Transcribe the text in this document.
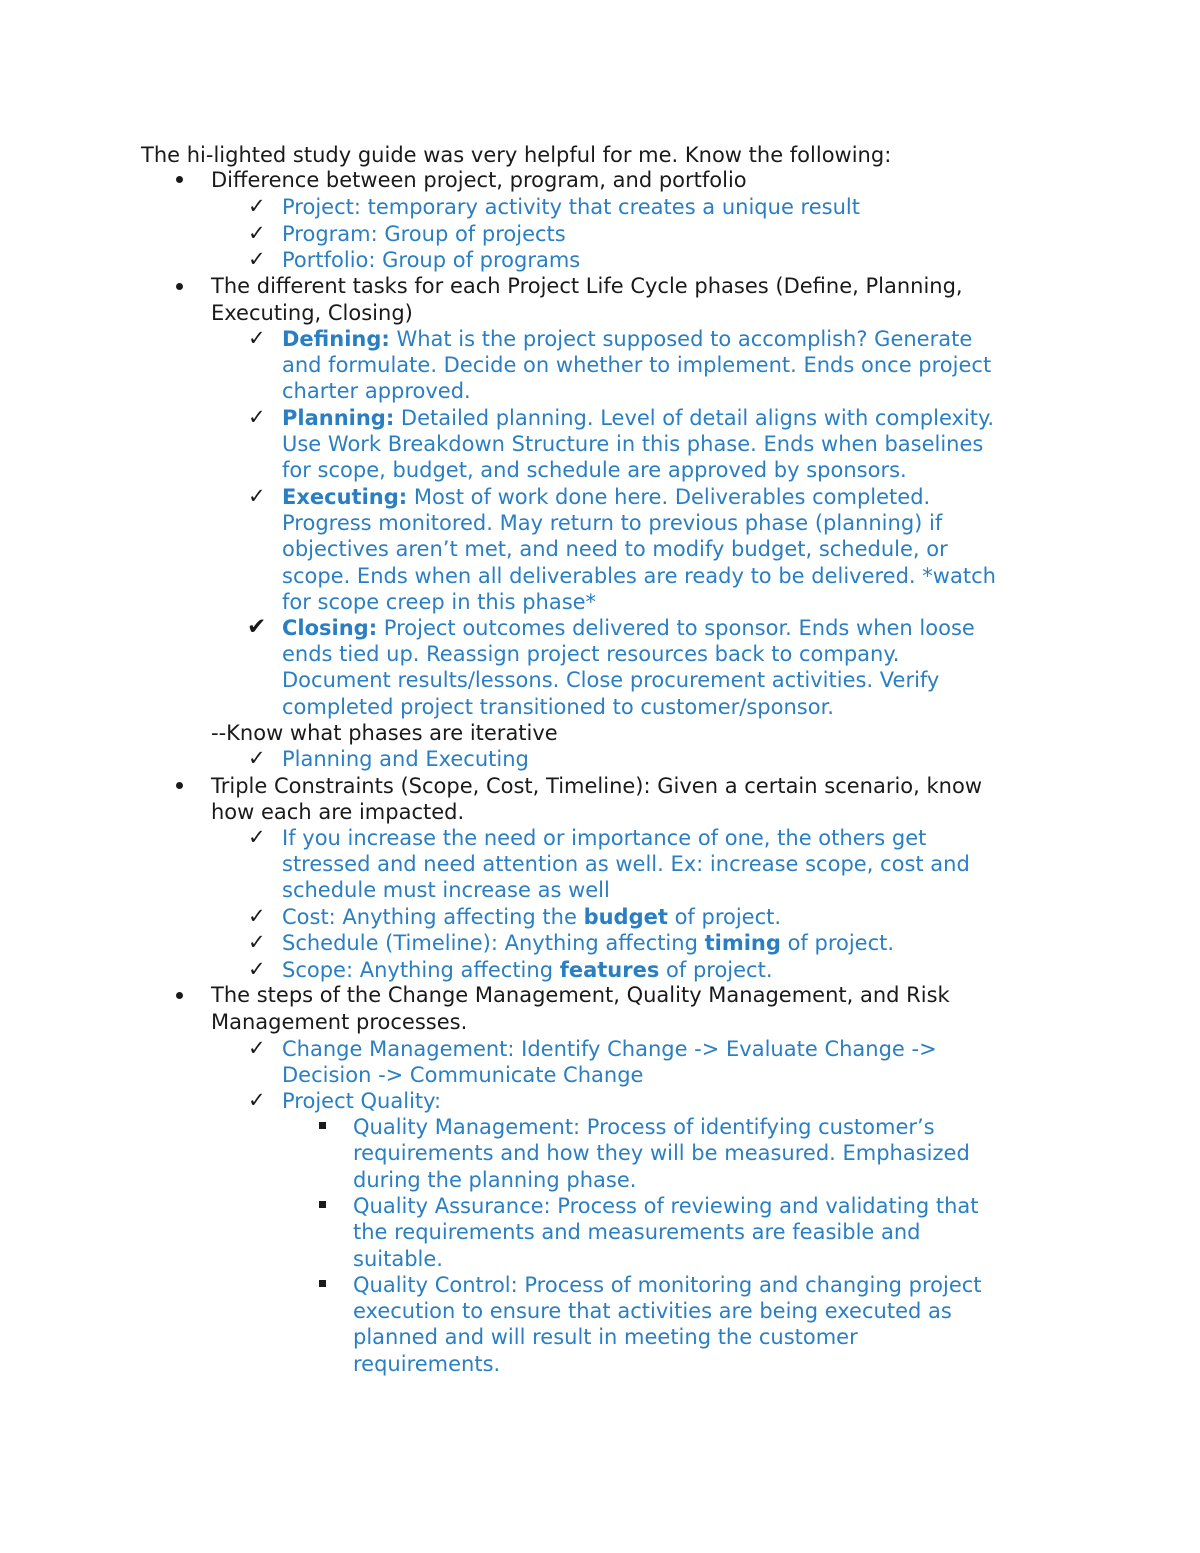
The hi-lighted study guide was very helpful for me. Know the following:
Difference between project, program, and portfolio
✓ Project: temporary activity that creates a unique result
✓ Program: Group of projects
✓ Portfolio: Group of programs
The different tasks for each Project Life Cycle phases (Define, Planning,
Executing, Closing)
✓ Defining: What is the project supposed to accomplish? Generate
and formulate. Decide on whether to implement. Ends once project
charter approved.
✓ Planning: Detailed planning. Level of detail aligns with complexity.
Use Work Breakdown Structure in this phase. Ends when baselines
for scope, budget, and schedule are approved by sponsors.
✓ Executing: Most of work done here. Deliverables completed.
Progress monitored. May return to previous phase (planning) if
objectives aren’t met, and need to modify budget, schedule, or
scope. Ends when all deliverables are ready to be delivered. *watch
for scope creep in this phase*
✔ Closing: Project outcomes delivered to sponsor. Ends when loose
ends tied up. Reassign project resources back to company.
Document results/lessons. Close procurement activities. Verify
completed project transitioned to customer/sponsor.
--Know what phases are iterative
✓ Planning and Executing
Triple Constraints (Scope, Cost, Timeline): Given a certain scenario, know
how each are impacted.
✓ If you increase the need or importance of one, the others get
stressed and need attention as well. Ex: increase scope, cost and
schedule must increase as well
✓ Cost: Anything affecting the budget of project.
✓ Schedule (Timeline): Anything affecting timing of project.
✓ Scope: Anything affecting features of project.
The steps of the Change Management, Quality Management, and Risk
Management processes.
✓ Change Management: Identify Change -> Evaluate Change ->
Decision -> Communicate Change
✓ Project Quality:
Quality Management: Process of identifying customer’s
requirements and how they will be measured. Emphasized
during the planning phase.
Quality Assurance: Process of reviewing and validating that
the requirements and measurements are feasible and
suitable.
Quality Control: Process of monitoring and changing project
execution to ensure that activities are being executed as
planned and will result in meeting the customer
requirements.
